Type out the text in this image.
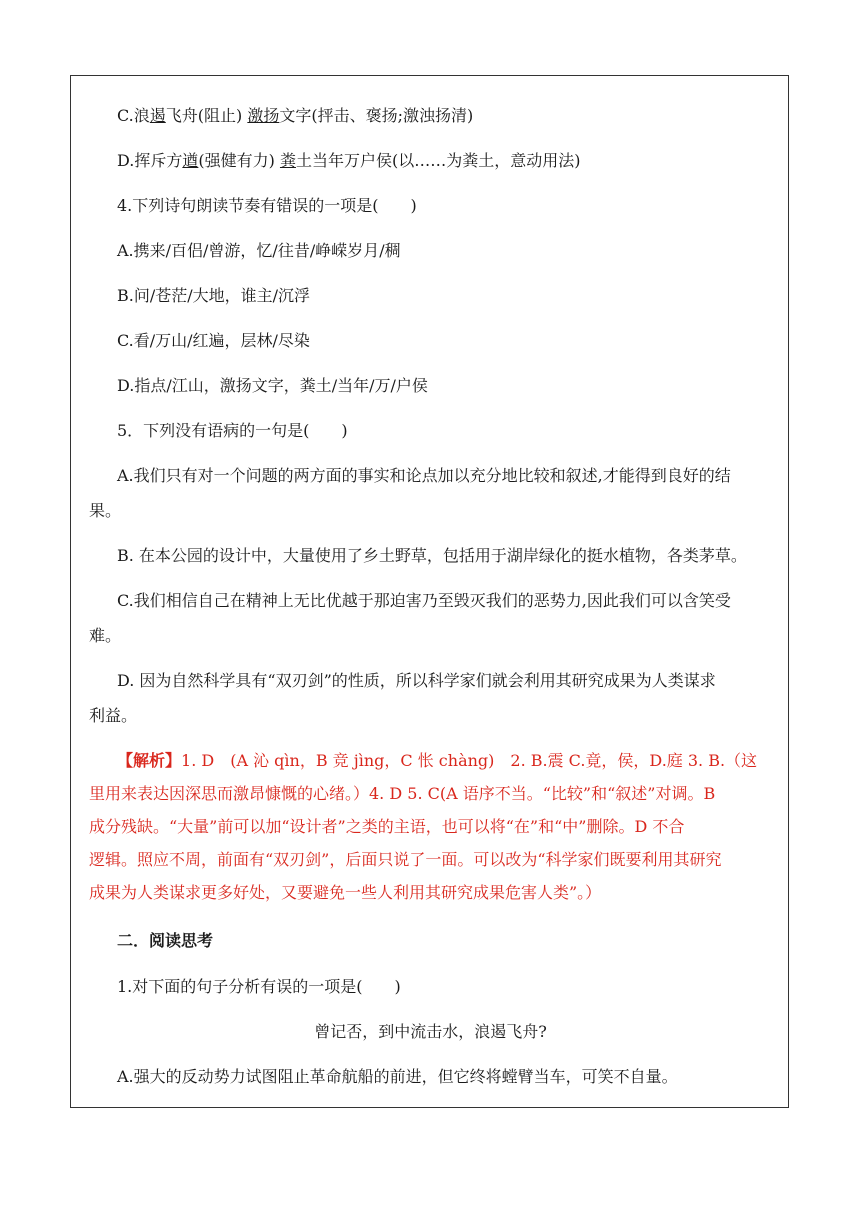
C.浪遏飞舟(阻止) 激扬文字(抨击、褒扬;激浊扬清)
D.挥斥方遒(强健有力) 粪土当年万户侯(以……为粪土，意动用法)
4.下列诗句朗读节奏有错误的一项是(　　)
A.携来/百侣/曾游，忆/往昔/峥嵘岁月/稠
B.问/苍茫/大地，谁主/沉浮
C.看/万山/红遍，层林/尽染
D.指点/江山，激扬文字，粪土/当年/万/户侯
5．下列没有语病的一句是(　　)
A.我们只有对一个问题的两方面的事实和论点加以充分地比较和叙述,才能得到良好的结
果。
B. 在本公园的设计中，大量使用了乡土野草，包括用于湖岸绿化的挺水植物，各类茅草。
C.我们相信自己在精神上无比优越于那迫害乃至毁灭我们的恶势力,因此我们可以含笑受
难。
D. 因为自然科学具有“双刃剑”的性质，所以科学家们就会利用其研究成果为人类谋求
利益。
【解析】1. D　(A 沁 qìn，B 竞 jìng，C 怅 chàng)　2. B.震 C.竟，侯，D.庭 3. B.（这
里用来表达因深思而激昂慷慨的心绪。）4. D 5. C(A 语序不当。“比较”和“叙述”对调。B
成分残缺。“大量”前可以加“设计者”之类的主语，也可以将“在”和“中”删除。D 不合
逻辑。照应不周，前面有“双刃剑”，后面只说了一面。可以改为“科学家们既要利用其研究
成果为人类谋求更多好处，又要避免一些人利用其研究成果危害人类”。）
二．阅读思考
1.对下面的句子分析有误的一项是(　　)
曾记否，到中流击水，浪遏飞舟?
A.强大的反动势力试图阻止革命航船的前进，但它终将螳臂当车，可笑不自量。
